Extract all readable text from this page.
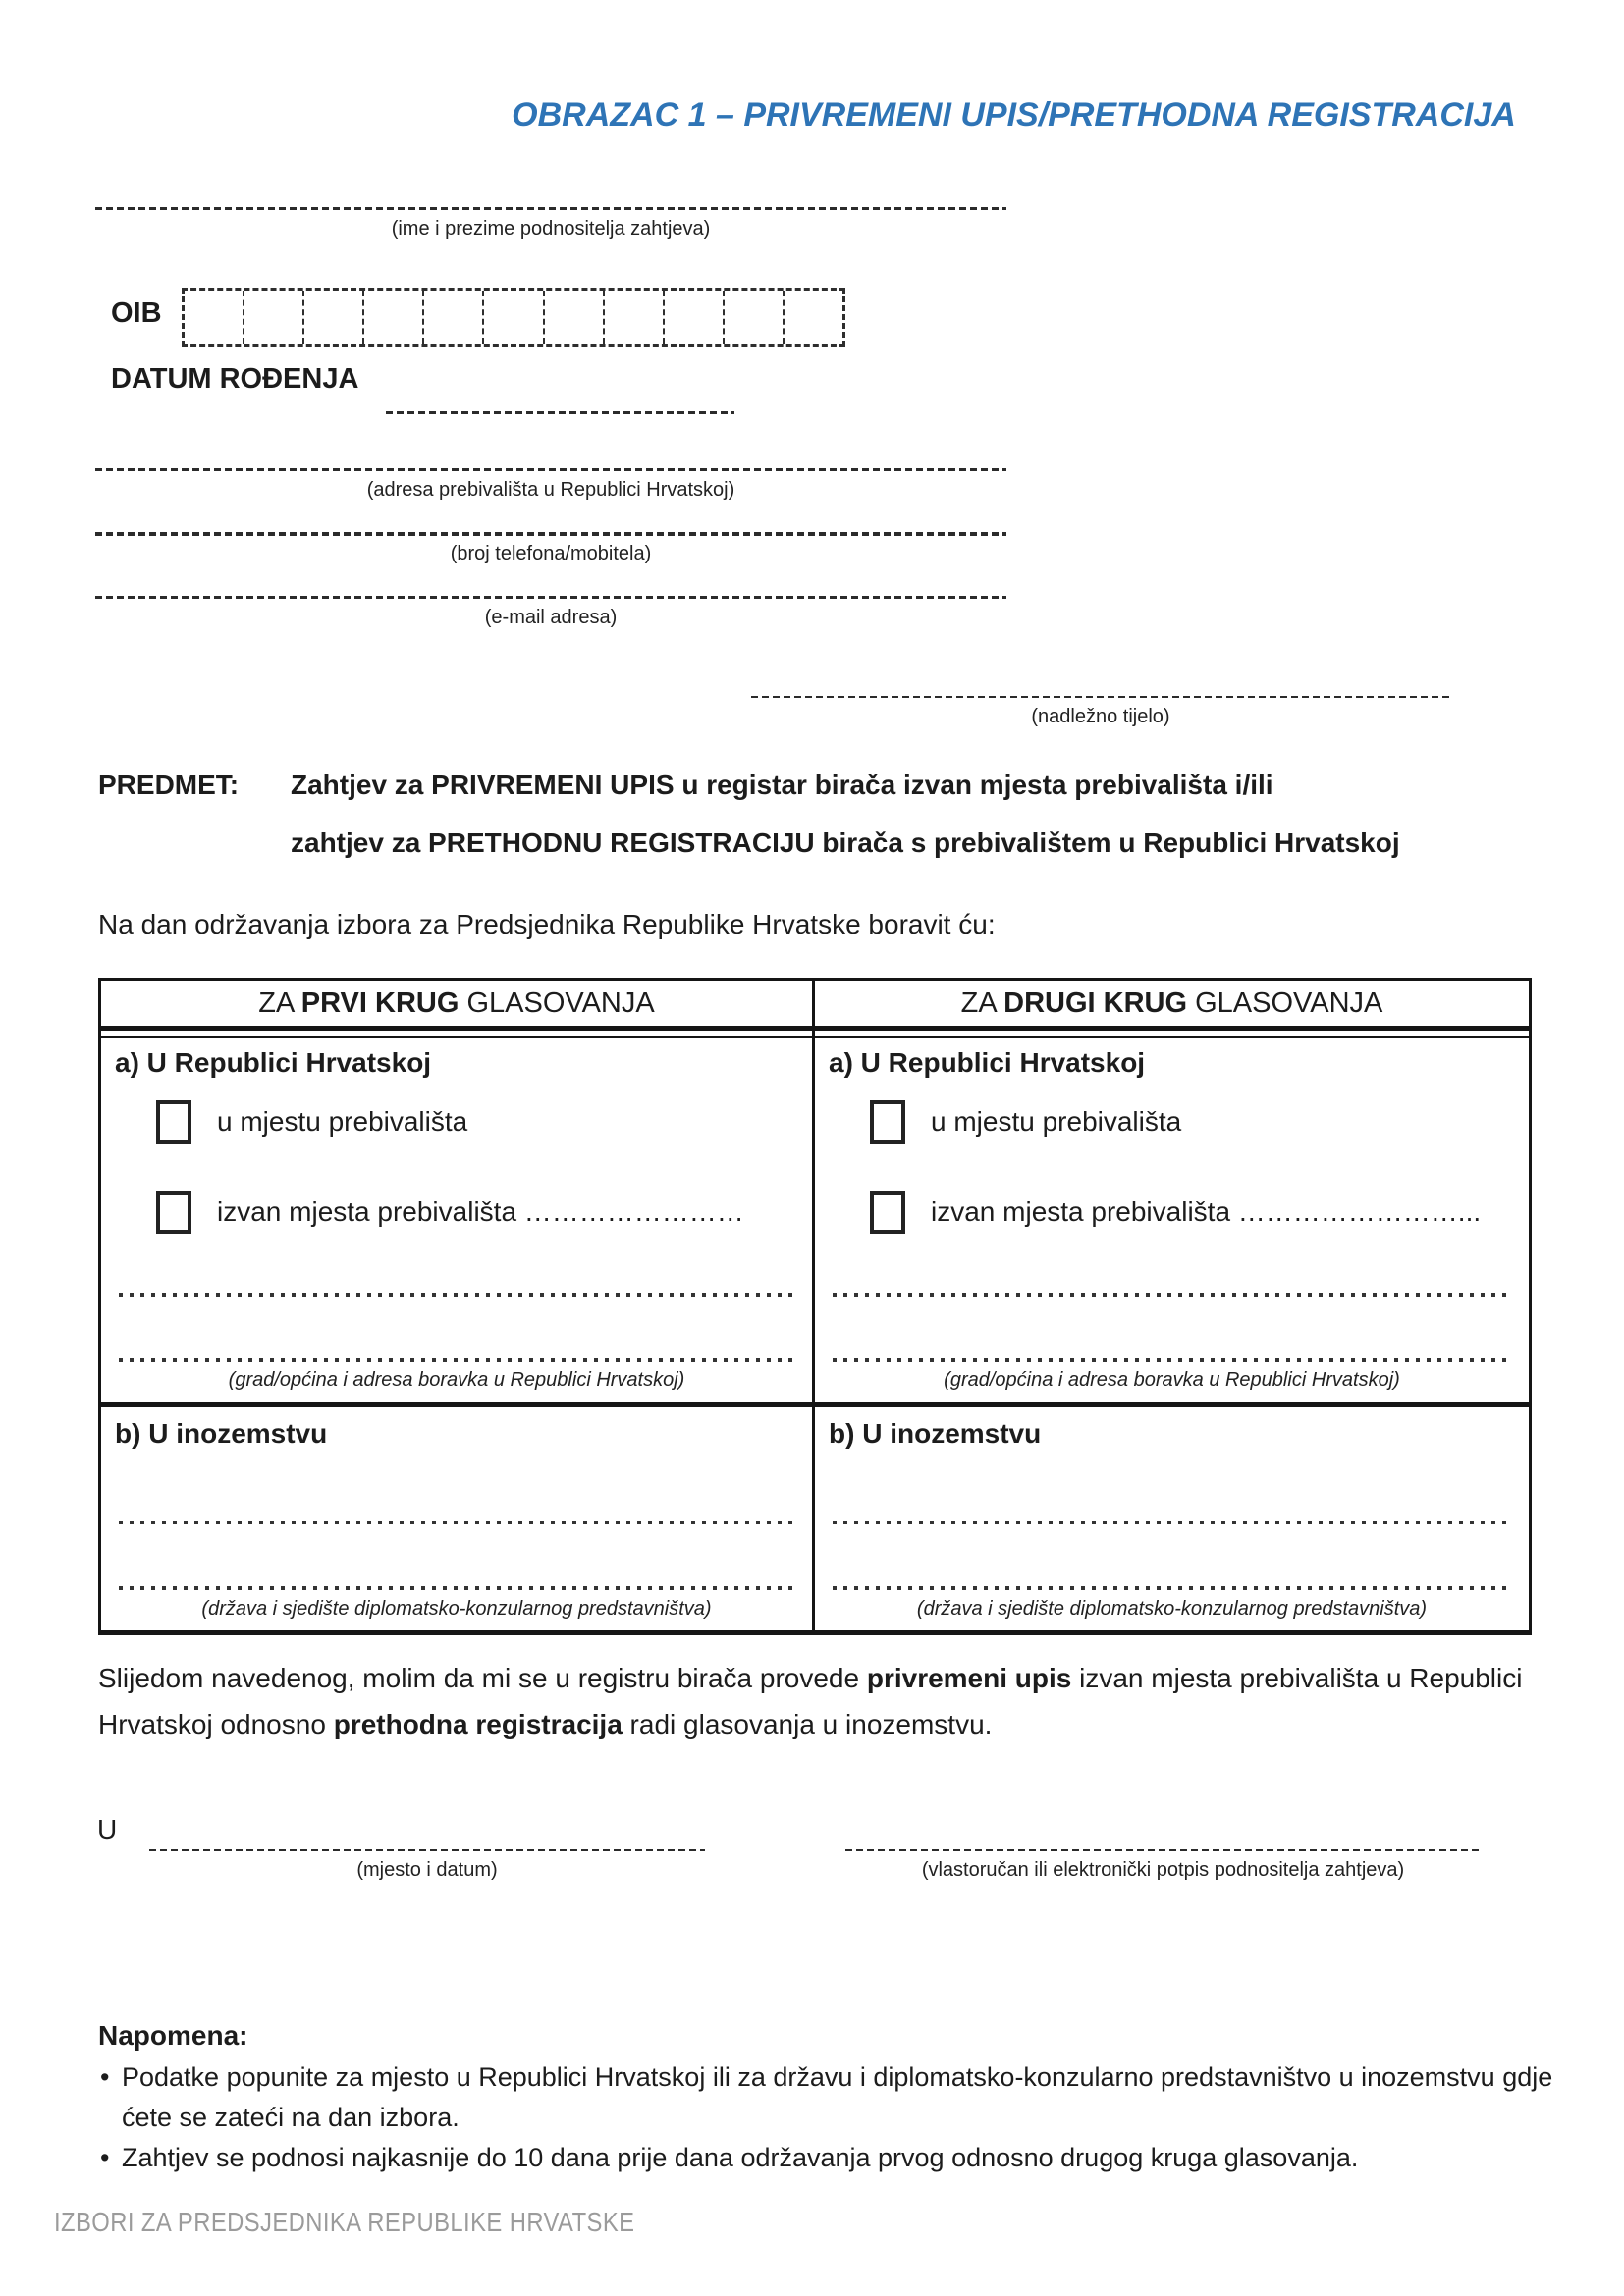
OBRAZAC 1 – PRIVREMENI UPIS/PRETHODNA REGISTRACIJA
(ime i prezime podnositelja zahtjeva)
OIB
DATUM ROĐENJA
(adresa prebivališta u Republici Hrvatskoj)
(broj telefona/mobitela)
(e-mail adresa)
(nadležno tijelo)
PREDMET: Zahtjev za PRIVREMENI UPIS u registar birača izvan mjesta prebivališta i/ili
zahtjev za PRETHODNU REGISTRACIJU birača s prebivalištem u Republici Hrvatskoj
Na dan održavanja izbora za Predsjednika Republike Hrvatske boravit ću:
ZA PRVI KRUG GLASOVANJA	ZA DRUGI KRUG GLASOVANJA
a) U Republici Hrvatskoj
u mjestu prebivališta
izvan mjesta prebivališta ……………………
(grad/općina i adresa boravka u Republici Hrvatskoj)
a) U Republici Hrvatskoj
u mjestu prebivališta
izvan mjesta prebivališta ……………………...
(grad/općina i adresa boravka u Republici Hrvatskoj)
b) U inozemstvu
(država i sjedište diplomatsko-konzularnog predstavništva)
b) U inozemstvu
(država i sjedište diplomatsko-konzularnog predstavništva)
Slijedom navedenog, molim da mi se u registru birača provede privremeni upis izvan mjesta prebivališta u Republici Hrvatskoj odnosno prethodna registracija radi glasovanja u inozemstvu.
U
(mjesto i datum)	(vlastoručan ili elektronički potpis podnositelja zahtjeva)
Napomena:
• Podatke popunite za mjesto u Republici Hrvatskoj ili za državu i diplomatsko-konzularno predstavništvo u inozemstvu gdje ćete se zateći na dan izbora.
• Zahtjev se podnosi najkasnije do 10 dana prije dana održavanja prvog odnosno drugog kruga glasovanja.
IZBORI ZA PREDSJEDNIKA REPUBLIKE HRVATSKE
